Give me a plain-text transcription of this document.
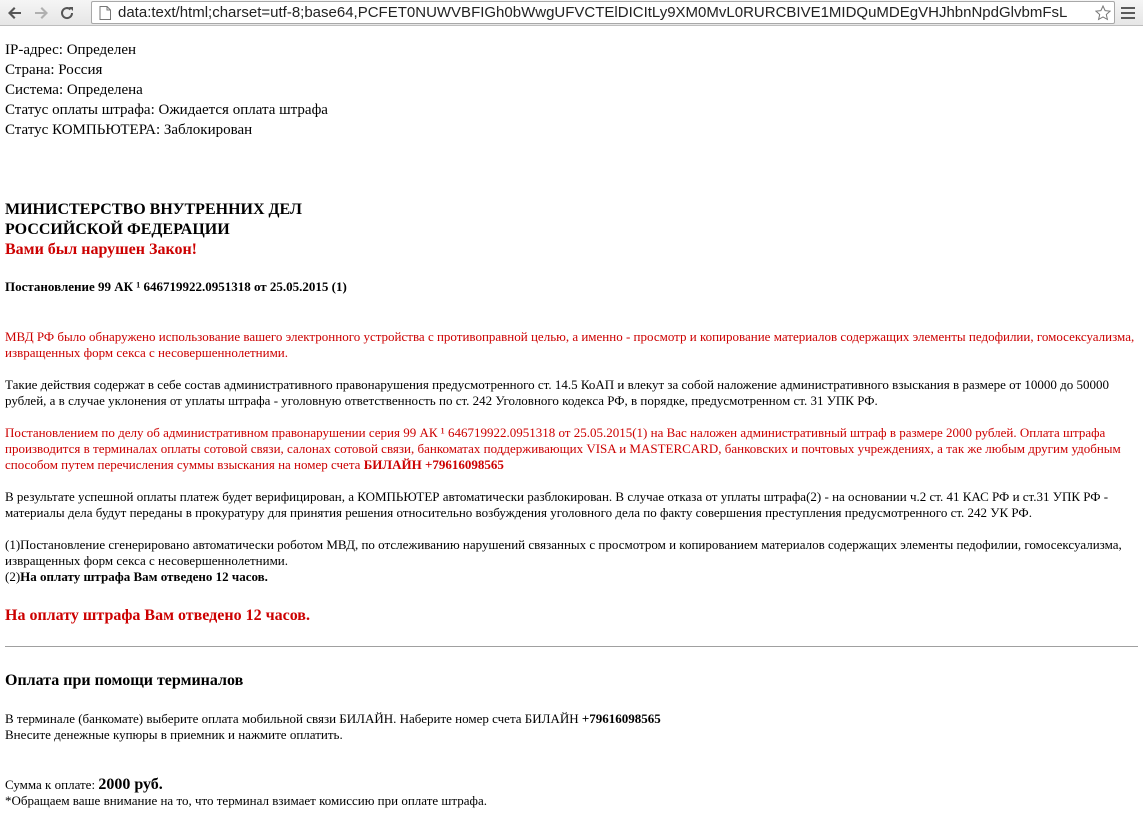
data:text/html;charset=utf-8;base64,PCFET0NUWVBFIGh0bWwgUFVCTElDICItLy9XM0MvL0RURCBIVE1MIDQuMDEgVHJhbnNpdGlvbmFsL

IP-адрес: Определен

Страна: Россия

Система: Определена

Статус оплаты штрафа: Ожидается оплата штрафа

Статус КОМПЬЮТЕРА: Заблокирован

МИНИСТЕРСТВО ВНУТРЕННИХ ДЕЛ

РОССИЙСКОЙ ФЕДЕРАЦИИ

Вами был нарушен Закон!

Постановление 99 АК ¹ 646719922.0951318 от 25.05.2015 (1)

МВД РФ было обнаружено использование вашего электронного устройства с противоправной целью, а именно - просмотр и копирование материалов содержащих элементы педофилии, гомосексуализма, извращенных форм секса с несовершеннолетними.

Такие действия содержат в себе состав административного правонарушения предусмотренного ст. 14.5 КоАП и влекут за собой наложение административного взыскания в размере от 10000 до 50000 рублей, а в случае уклонения от уплаты штрафа - уголовную ответственность по ст. 242 Уголовного кодекса РФ, в порядке, предусмотренном ст. 31 УПК РФ.

Постановлением по делу об административном правонарушении серия 99 АК ¹ 646719922.0951318 от 25.05.2015(1) на Вас наложен административный штраф в размере 2000 рублей. Оплата штрафа производится в терминалах оплаты сотовой связи, салонах сотовой связи, банкоматах поддерживающих VISA и MASTERCARD, банковских и почтовых учреждениях, а так же любым другим удобным способом путем перечисления суммы взыскания на номер счета БИЛАЙН +79616098565

В результате успешной оплаты платеж будет верифицирован, а КОМПЬЮТЕР автоматически разблокирован. В случае отказа от уплаты штрафа(2) - на основании ч.2 ст. 41 КАС РФ и ст.31 УПК РФ - материалы дела будут переданы в прокуратуру для принятия решения относительно возбуждения уголовного дела по факту совершения преступления предусмотренного ст. 242 УК РФ.

(1)Постановление сгенерировано автоматически роботом МВД, по отслеживанию нарушений связанных с просмотром и копированием материалов содержащих элементы педофилии, гомосексуализма, извращенных форм секса с несовершеннолетними.

(2)На оплату штрафа Вам отведено 12 часов.

На оплату штрафа Вам отведено 12 часов.

Оплата при помощи терминалов

В терминале (банкомате) выберите оплата мобильной связи БИЛАЙН. Наберите номер счета БИЛАЙН +79616098565

Внесите денежные купюры в приемник и нажмите оплатить.

Сумма к оплате: 2000 руб.

*Обращаем ваше внимание на то, что терминал взимает комиссию при оплате штрафа.
